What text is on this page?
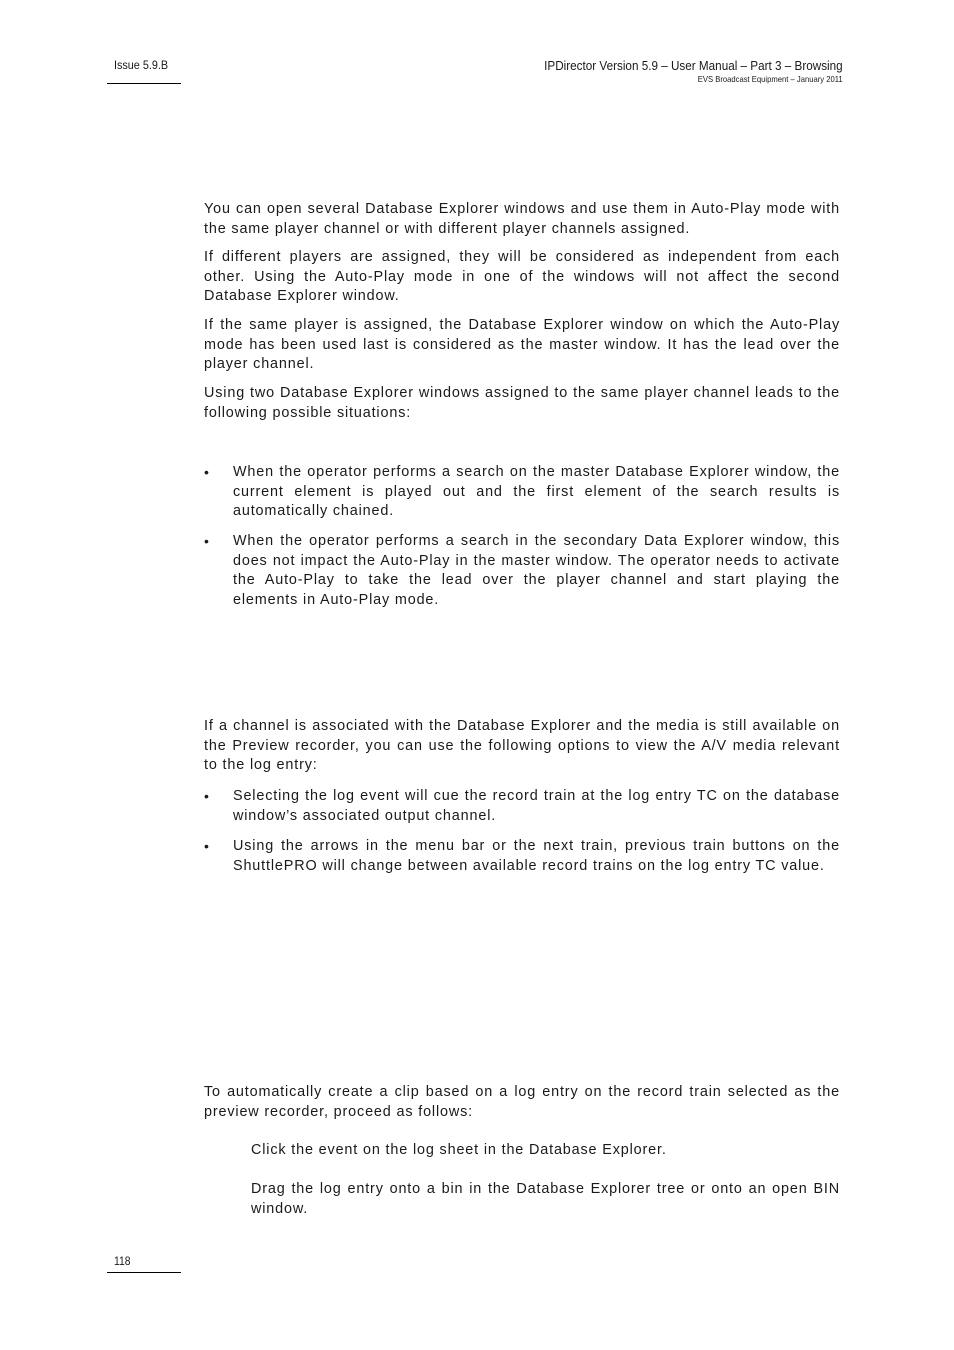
Issue 5.9.B	IPDirector Version 5.9 – User Manual – Part 3 – Browsing
EVS Broadcast Equipment – January 2011

You can open several Database Explorer windows and use them in Auto-Play mode with the same player channel or with different player channels assigned.

If different players are assigned, they will be considered as independent from each other. Using the Auto-Play mode in one of the windows will not affect the second Database Explorer window.

If the same player is assigned, the Database Explorer window on which the Auto-Play mode has been used last is considered as the master window. It has the lead over the player channel.

Using two Database Explorer windows assigned to the same player channel leads to the following possible situations:

• When the operator performs a search on the master Database Explorer window, the current element is played out and the first element of the search results is automatically chained.
• When the operator performs a search in the secondary Data Explorer window, this does not impact the Auto-Play in the master window. The operator needs to activate the Auto-Play to take the lead over the player channel and start playing the elements in Auto-Play mode.

If a channel is associated with the Database Explorer and the media is still available on the Preview recorder, you can use the following options to view the A/V media relevant to the log entry:

• Selecting the log event will cue the record train at the log entry TC on the database window’s associated output channel.
• Using the arrows in the menu bar or the next train, previous train buttons on the ShuttlePRO will change between available record trains on the log entry TC value.

To automatically create a clip based on a log entry on the record train selected as the preview recorder, proceed as follows:

Click the event on the log sheet in the Database Explorer.
Drag the log entry onto a bin in the Database Explorer tree or onto an open BIN window.
118
